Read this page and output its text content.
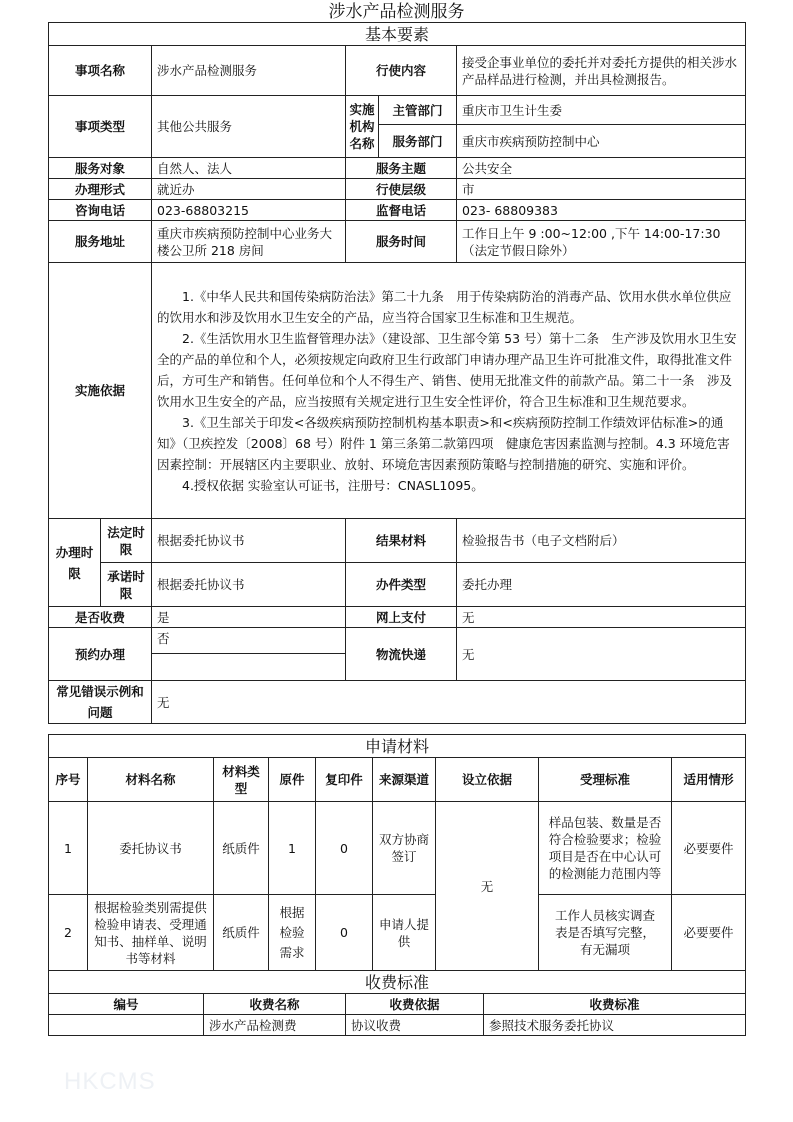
涉水产品检测服务
基本要素					
事项名称		涉水产品检测服务	行使内容		接受企事业单位的委托并对委托方提供的相关涉水产品样品进行检测，并出具检测报告。
事项类型		其他公共服务	实施机构名称	主管部门	重庆市卫生计生委
				服务部门	重庆市疾病预防控制中心
服务对象		自然人、法人	服务主题		公共安全
办理形式		就近办	行使层级		市
咨询电话		023-68803215	监督电话		023- 68809383
服务地址		重庆市疾病预防控制中心业务大楼公卫所 218 房间	服务时间		工作日上午 9 :00~12:00 ,下午 14:00-17:30（法定节假日除外）
实施依据		1.《中华人民共和国传染病防治法》第二十九条　用于传染病防治的消毒产品、饮用水供水单位供应的饮用水和涉及饮用水卫生安全的产品，应当符合国家卫生标准和卫生规范。

2.《生活饮用水卫生监督管理办法》（建设部、卫生部令第 53 号）第十二条　生产涉及饮用水卫生安全的产品的单位和个人，必须按规定向政府卫生行政部门申请办理产品卫生许可批准文件，取得批准文件后，方可生产和销售。任何单位和个人不得生产、销售、使用无批准文件的前款产品。第二十一条　涉及饮用水卫生安全的产品，应当按照有关规定进行卫生安全性评价，符合卫生标准和卫生规范要求。

3.《卫生部关于印发<各级疾病预防控制机构基本职责>和<疾病预防控制工作绩效评估标准>的通知》（卫疾控发〔2008〕68 号）附件 1 第三条第二款第四项　健康危害因素监测与控制。4.3 环境危害因素控制：开展辖区内主要职业、放射、环境危害因素预防策略与控制措施的研究、实施和评价。

4.授权依据 实验室认可证书，注册号：CNASL1095。			

办理时限	法定时限	根据委托协议书	结果材料		检验报告书（电子文档附后）
	承诺时限	根据委托协议书	办件类型		委托办理
是否收费		是	网上支付		无
预约办理		否	物流快递		无

常见错误示例和问题		无			
申请材料								
序号	材料名称	材料类型	原件	复印件	来源渠道	设立依据	受理标准	适用情形
1	委托协议书	纸质件	1	0	双方协商签订	无	样品包装、数量是否符合检验要求；检验项目是否在中心认可的检测能力范围内等	必要要件
2	根据检验类别需提供检验申请表、受理通知书、抽样单、说明书等材料	纸质件	根据检验需求	0	申请人提供		工作人员核实调查表是否填写完整，有无漏项	必要要件
收费标准			
编号	收费名称	收费依据	收费标准
	涉水产品检测费	协议收费	参照技术服务委托协议
HKCMS
